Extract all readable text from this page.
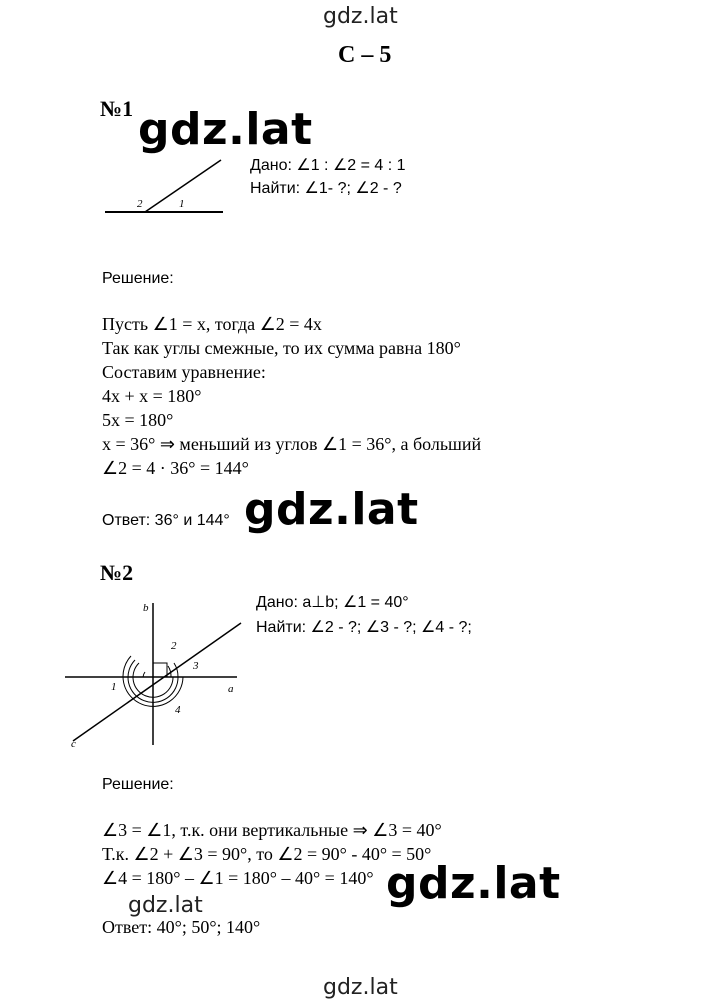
gdz.lat
gdz.lat
С – 5
№1 gdz.lat
2	1
Дано: ∠1 : ∠2 = 4 : 1
Найти: ∠1- ?; ∠2 - ?
Решение:
Пусть ∠1 = x, тогда ∠2 = 4x
Так как углы смежные, то их сумма равна 180°
Составим уравнение:
4x + x = 180°
5x = 180°
x = 36° ⇒ меньший из углов ∠1 = 36°, а больший
∠2 = 4 · 36° = 144°
Ответ: 36° и 144° gdz.lat
№2
b
a
c
1
2
3
4
Дано: a⊥b; ∠1 = 40°
Найти: ∠2 - ?; ∠3 - ?; ∠4 - ?;
Решение:
∠3 = ∠1, т.к. они вертикальные ⇒ ∠3 = 40°
Т.к. ∠2 + ∠3 = 90°, то ∠2 = 90° - 40° = 50°
∠4 = 180° – ∠1 = 180° – 40° = 140° gdz.lat
gdz.lat
Ответ: 40°; 50°; 140°
